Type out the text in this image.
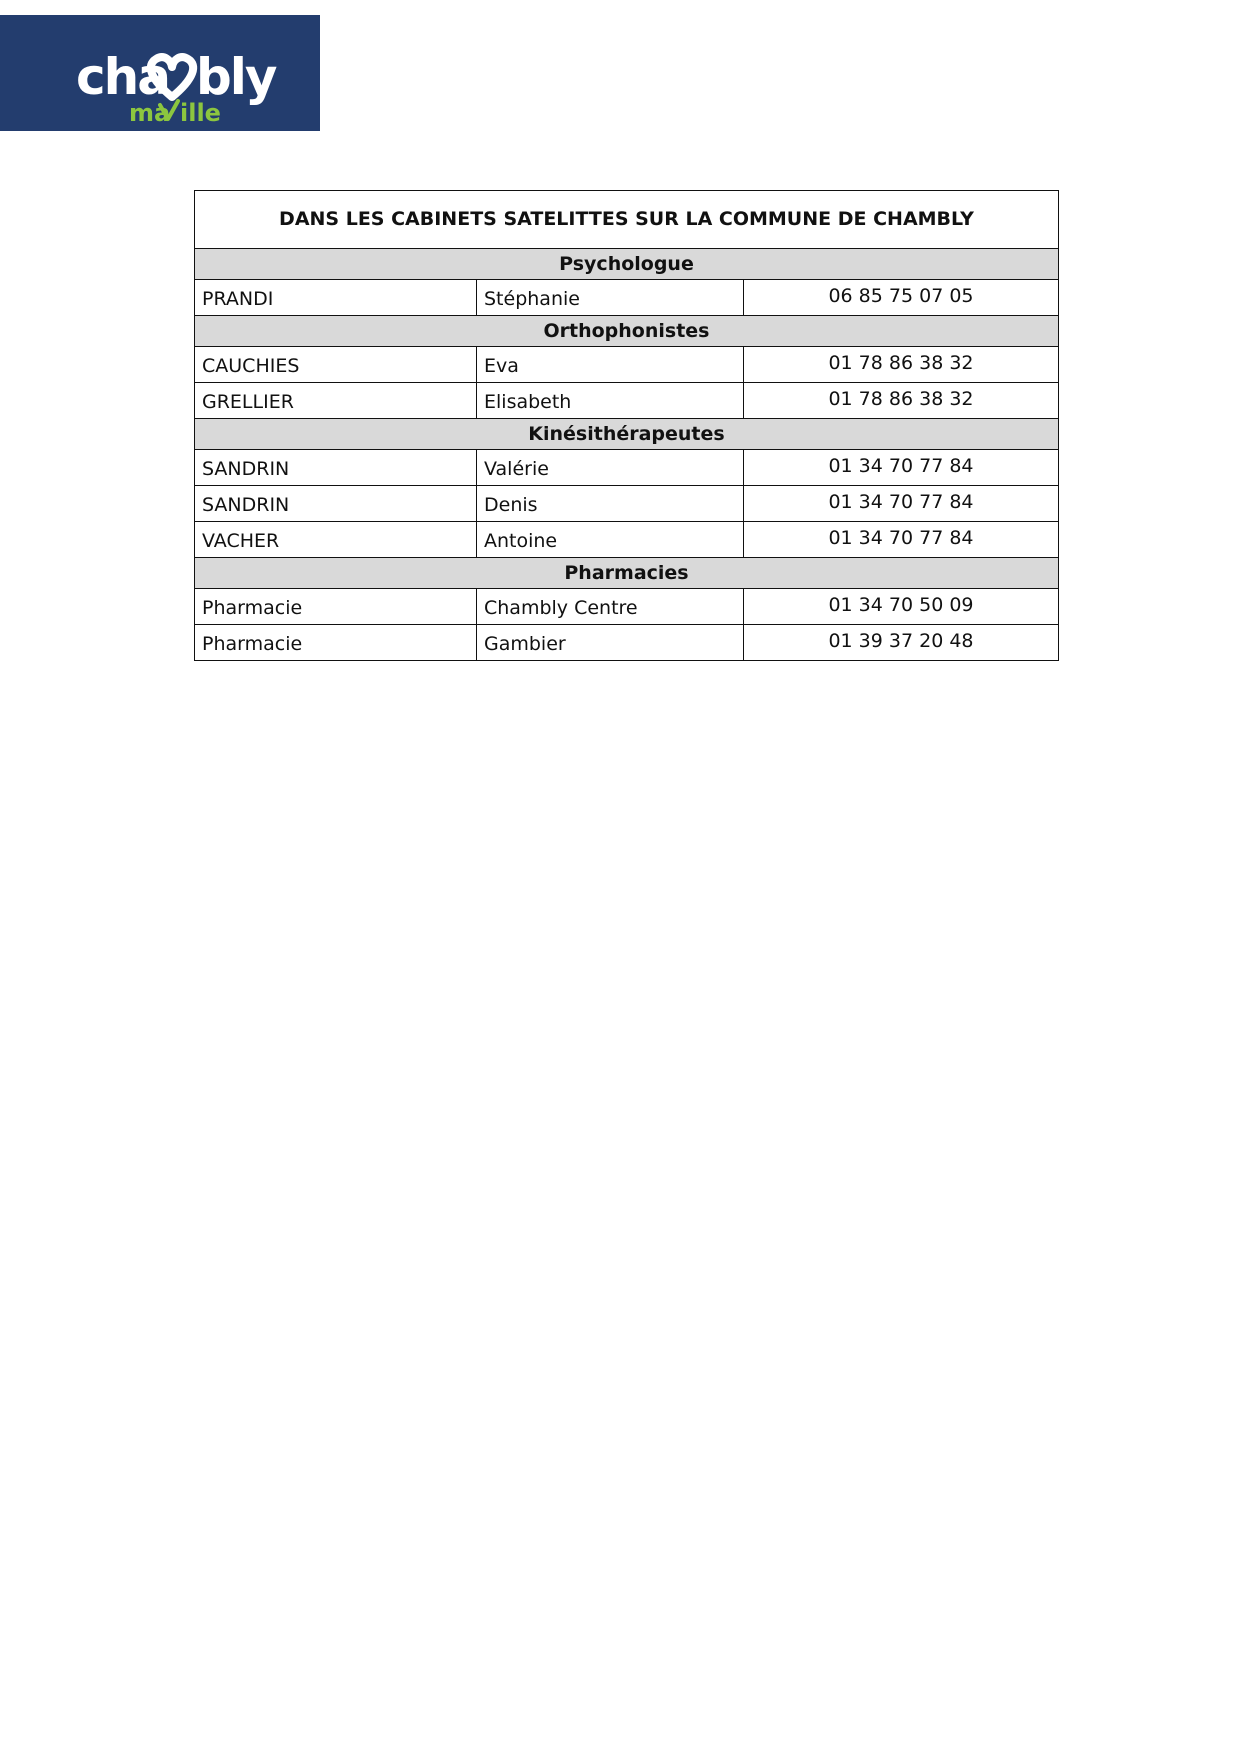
cha bly
ma ille
DANS LES CABINETS SATELITTES SUR LA COMMUNE DE CHAMBLY		
Psychologue		
PRANDI	Stéphanie	06 85 75 07 05
Orthophonistes		
CAUCHIES	Eva	01 78 86 38 32
GRELLIER	Elisabeth	01 78 86 38 32
Kinésithérapeutes		
SANDRIN	Valérie	01 34 70 77 84
SANDRIN	Denis	01 34 70 77 84
VACHER	Antoine	01 34 70 77 84
Pharmacies		
Pharmacie	Chambly Centre	01 34 70 50 09
Pharmacie	Gambier	01 39 37 20 48
